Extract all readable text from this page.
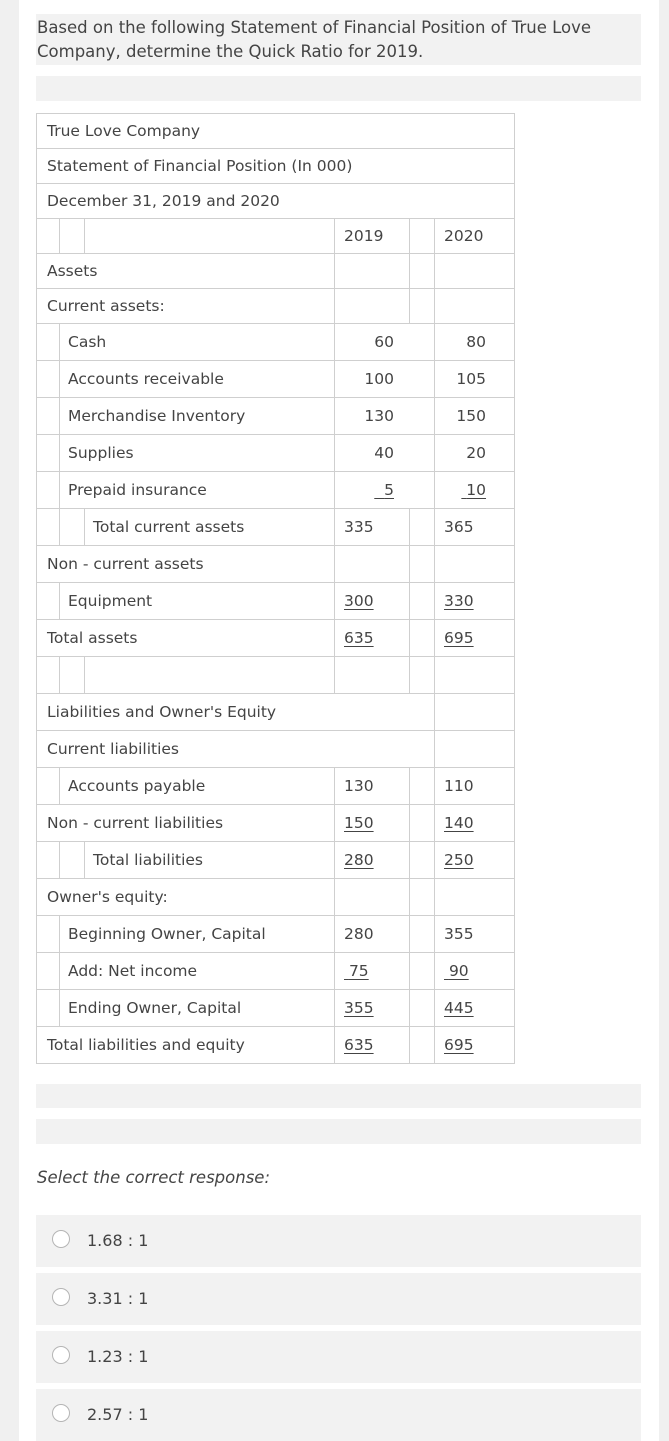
Based on the following Statement of Financial Position of True Love Company, determine the Quick Ratio for 2019.
True Love Company					
Statement of Financial Position (In 000)					
December 31, 2019 and 2020					
			2019		2020
Assets					
Current assets:					
	Cash		60		80
	Accounts receivable		100		105
	Merchandise Inventory		130		150
	Supplies		40		20
	Prepaid insurance		5		10
		Total current assets	335		365
Non - current assets					
	Equipment		300		330
Total assets			635		695

Liabilities and Owner's Equity					
Current liabilities					
	Accounts payable		130		110
Non - current liabilities			150		140
		Total liabilities	280		250
Owner's equity:					
	Beginning Owner, Capital		280		355
	Add: Net income		75		90
	Ending Owner, Capital		355		445
Total liabilities and equity			635		695
Select the correct response:
1.68 : 1
3.31 : 1
1.23 : 1
2.57 : 1
